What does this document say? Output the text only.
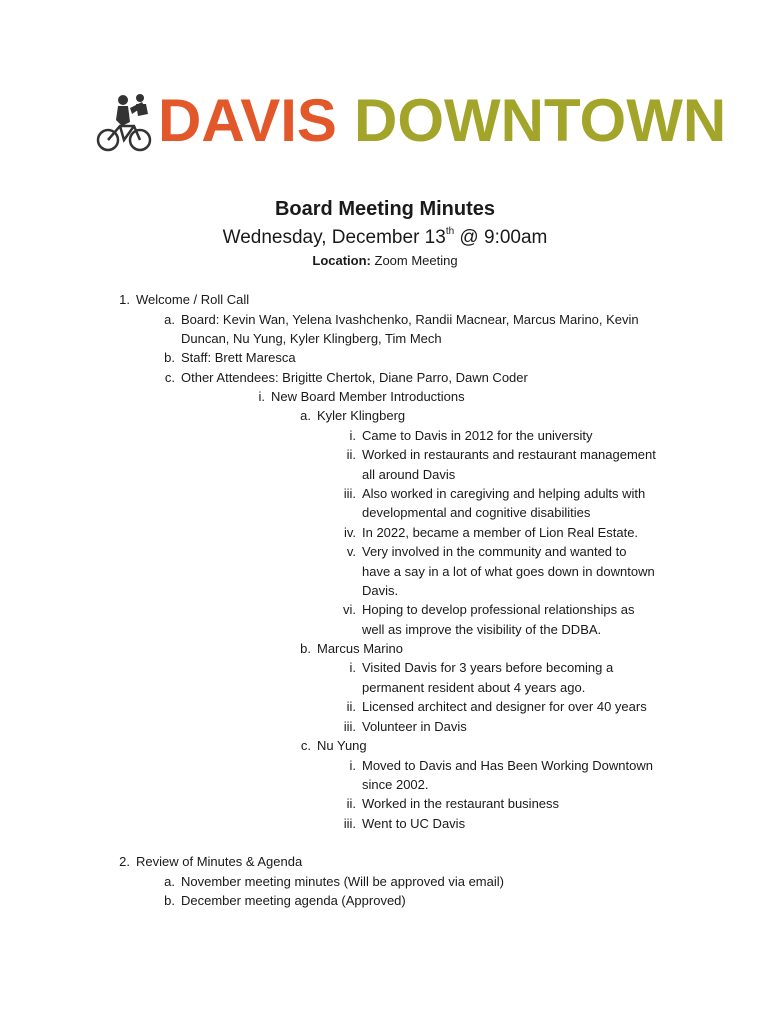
DAVIS DOWNTOWN
Board Meeting Minutes
Wednesday, December 13th @ 9:00am
Location: Zoom Meeting
1. Welcome / Roll Call
a. Board: Kevin Wan, Yelena Ivashchenko, Randii Macnear, Marcus Marino, Kevin
Duncan, Nu Yung, Kyler Klingberg, Tim Mech
b. Staff: Brett Maresca
c. Other Attendees: Brigitte Chertok, Diane Parro, Dawn Coder
i. New Board Member Introductions
a. Kyler Klingberg
i. Came to Davis in 2012 for the university
ii. Worked in restaurants and restaurant management
all around Davis
iii. Also worked in caregiving and helping adults with
developmental and cognitive disabilities
iv. In 2022, became a member of Lion Real Estate.
v. Very involved in the community and wanted to
have a say in a lot of what goes down in downtown
Davis.
vi. Hoping to develop professional relationships as
well as improve the visibility of the DDBA.
b. Marcus Marino
i. Visited Davis for 3 years before becoming a
permanent resident about 4 years ago.
ii. Licensed architect and designer for over 40 years
iii. Volunteer in Davis
c. Nu Yung
i. Moved to Davis and Has Been Working Downtown
since 2002.
ii. Worked in the restaurant business
iii. Went to UC Davis
2. Review of Minutes & Agenda
a. November meeting minutes (Will be approved via email)
b. December meeting agenda (Approved)
